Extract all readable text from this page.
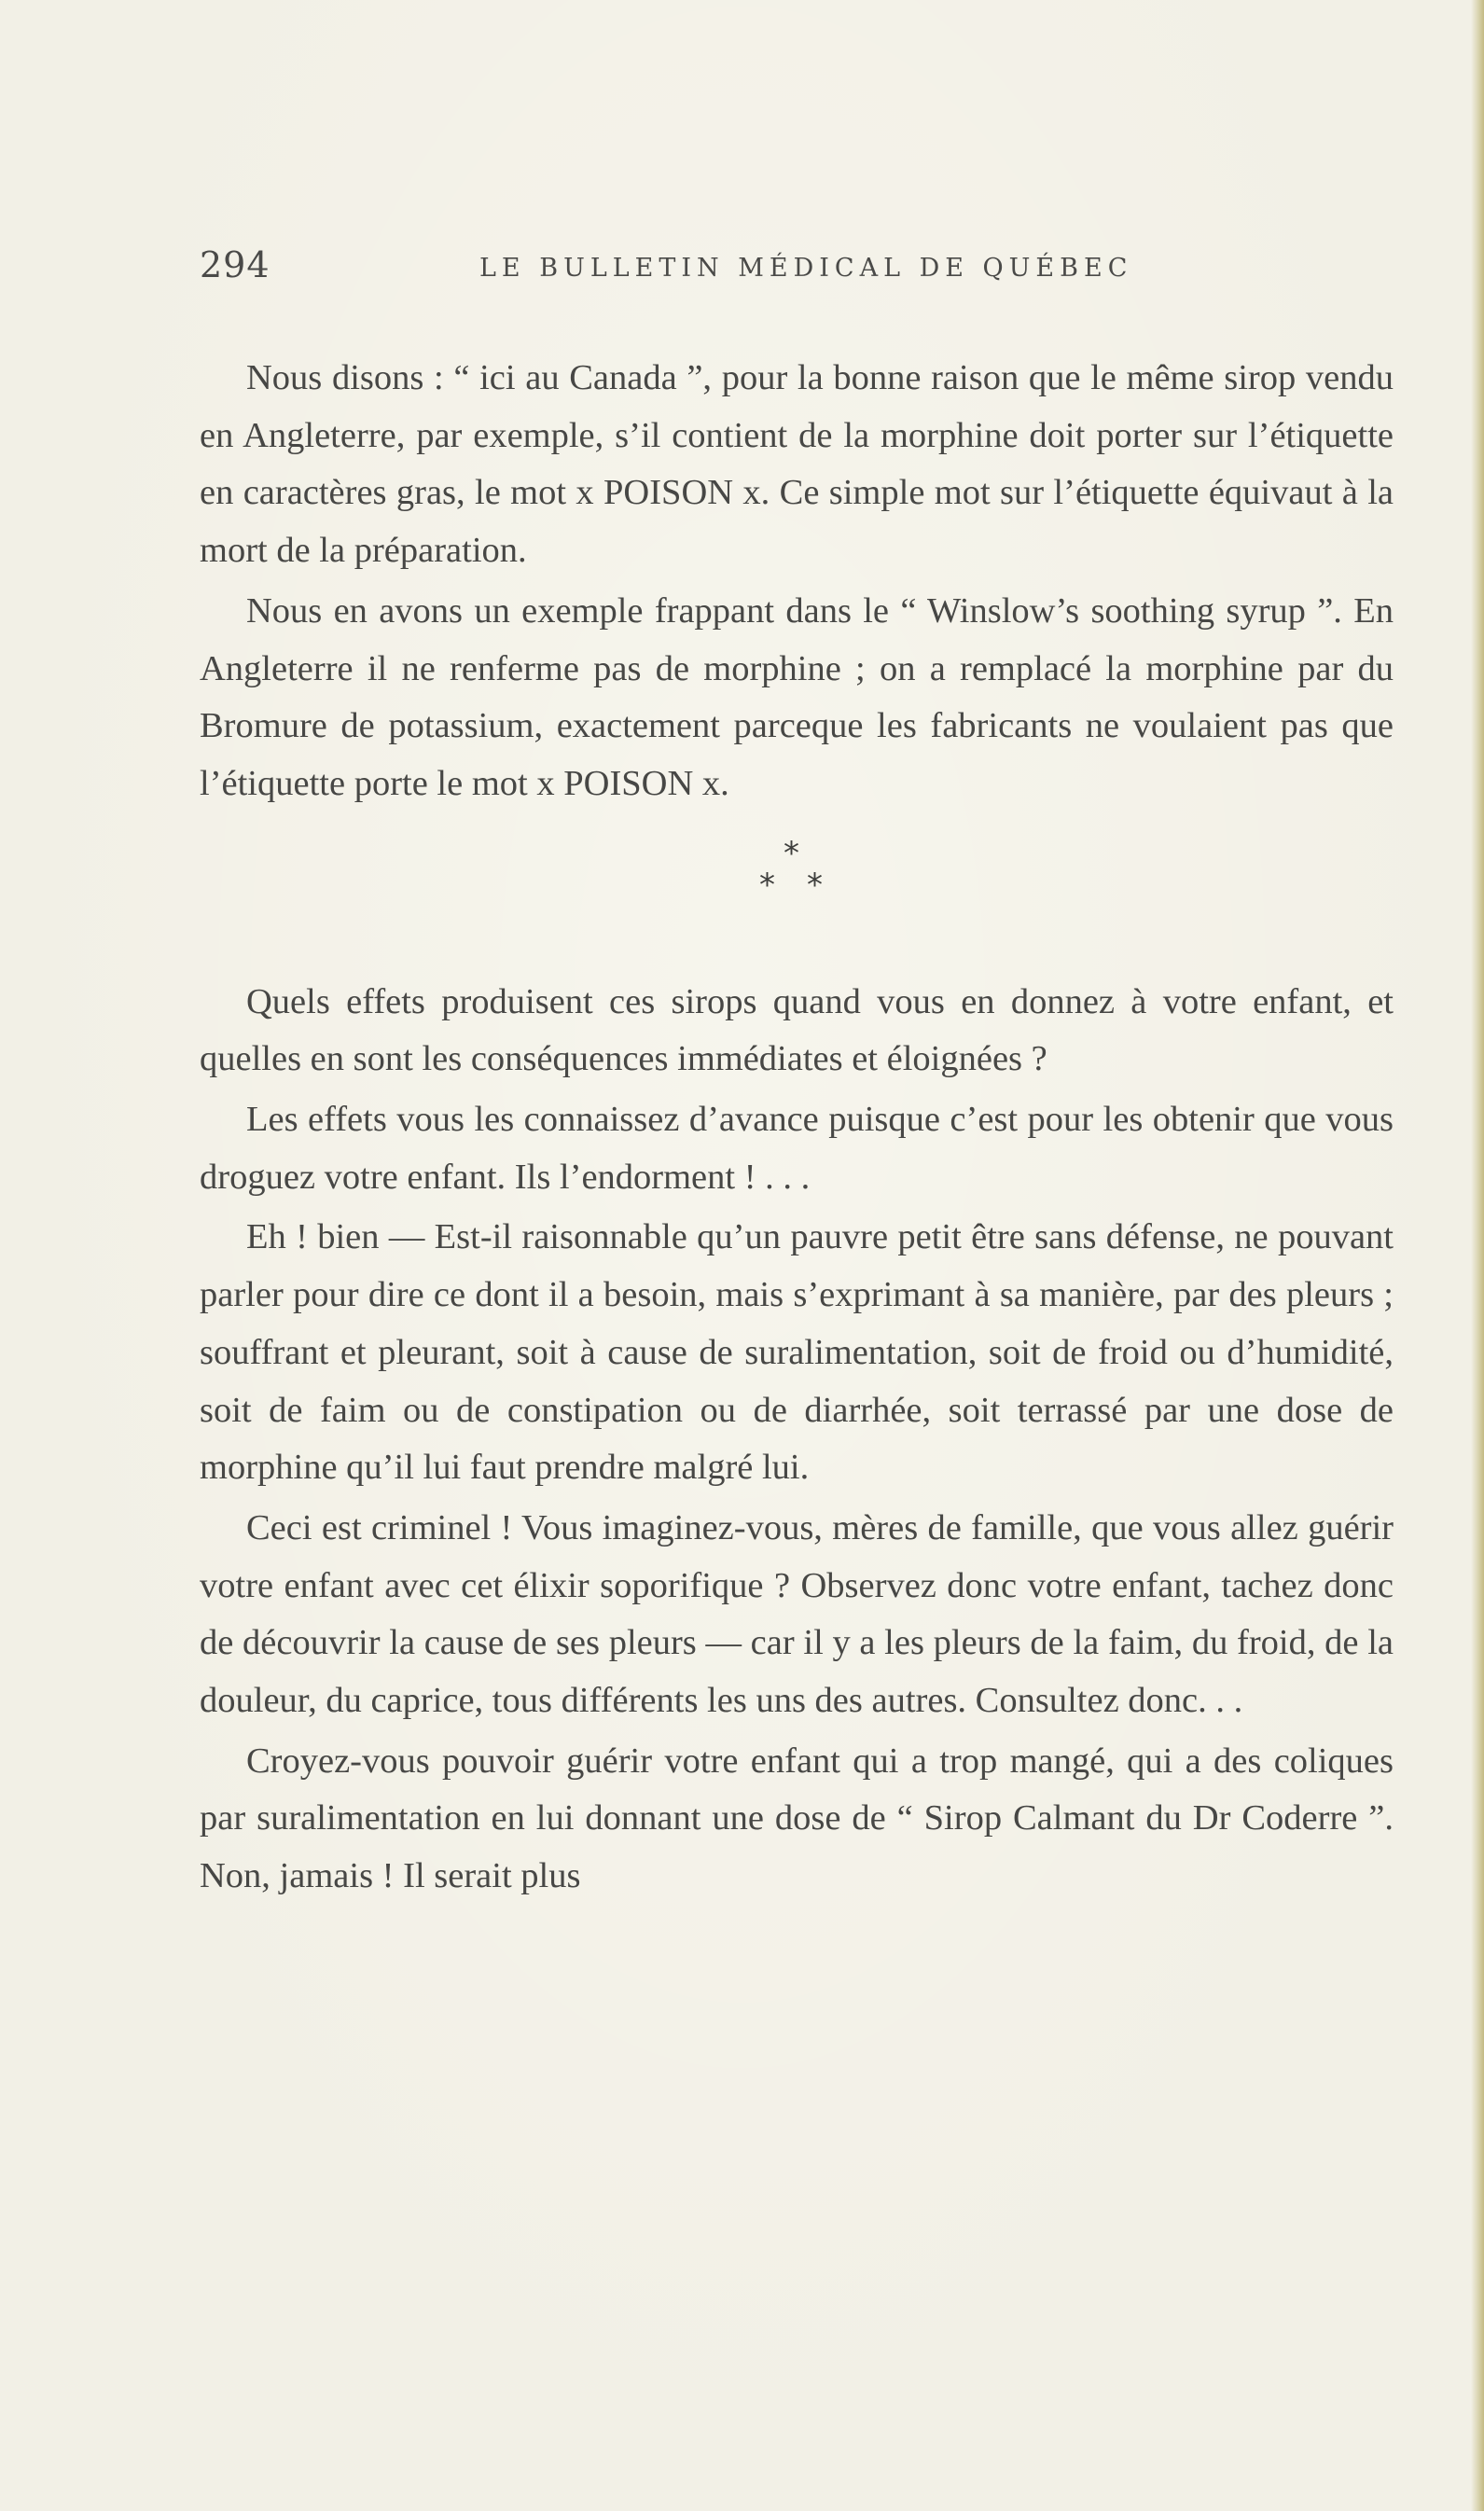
294	LE BULLETIN MÉDICAL DE QUÉBEC

Nous disons : “ ici au Canada ”, pour la bonne raison que le même sirop vendu en Angleterre, par exemple, s’il contient de la morphine doit porter sur l’étiquette en caractères gras, le mot x POISON x. Ce simple mot sur l’étiquette équivaut à la mort de la préparation.

Nous en avons un exemple frappant dans le “ Winslow’s soothing syrup ”. En Angleterre il ne renferme pas de morphine ; on a remplacé la morphine par du Bromure de potassium, exactement parceque les fabricants ne voulaient pas que l’étiquette porte le mot x POISON x.

*
* *

Quels effets produisent ces sirops quand vous en donnez à votre enfant, et quelles en sont les conséquences immédiates et éloignées ?

Les effets vous les connaissez d’avance puisque c’est pour les obtenir que vous droguez votre enfant. Ils l’endorment ! . . .

Eh ! bien — Est-il raisonnable qu’un pauvre petit être sans défense, ne pouvant parler pour dire ce dont il a besoin, mais s’exprimant à sa manière, par des pleurs ; souffrant et pleurant, soit à cause de suralimentation, soit de froid ou d’humidité, soit de faim ou de constipation ou de diarrhée, soit terrassé par une dose de morphine qu’il lui faut prendre malgré lui.

Ceci est criminel ! Vous imaginez-vous, mères de famille, que vous allez guérir votre enfant avec cet élixir soporifique ? Observez donc votre enfant, tachez donc de découvrir la cause de ses pleurs — car il y a les pleurs de la faim, du froid, de la douleur, du caprice, tous différents les uns des autres. Consultez donc. . .

Croyez-vous pouvoir guérir votre enfant qui a trop mangé, qui a des coliques par suralimentation en lui donnant une dose de “ Sirop Calmant du Dr Coderre ”. Non, jamais ! Il serait plus
